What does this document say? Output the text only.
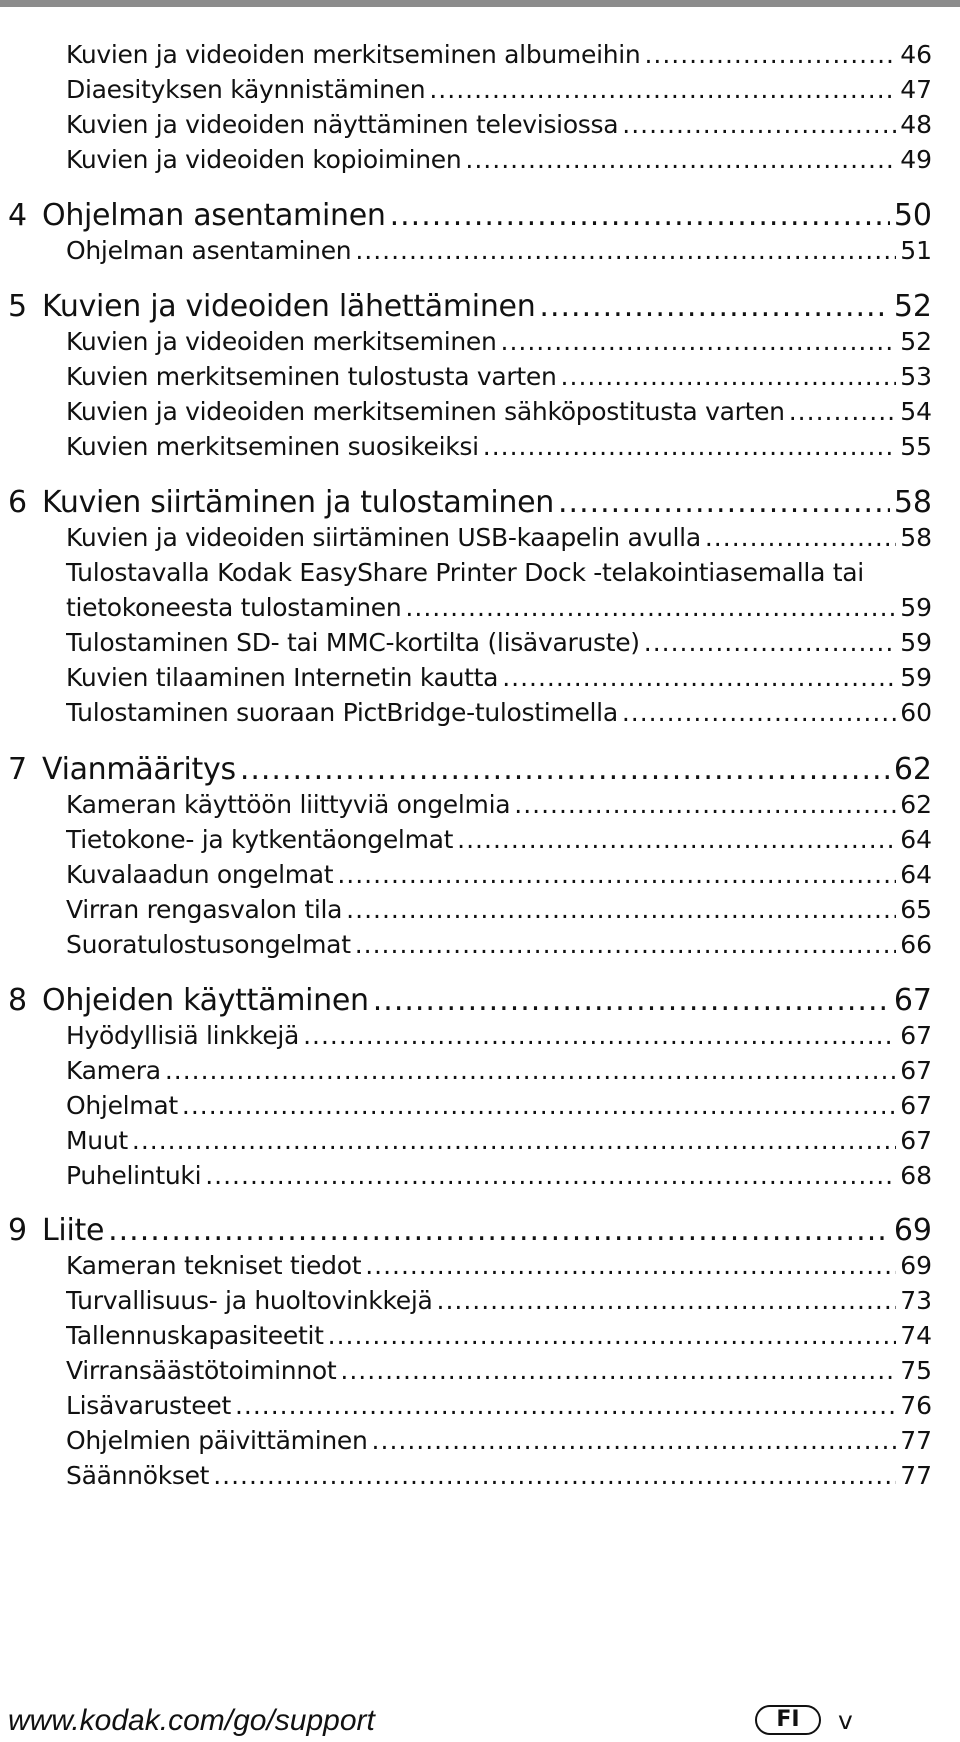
Kuvien ja videoiden merkitseminen albumeihin .....	46
Diaesityksen käynnistäminen .....	47
Kuvien ja videoiden näyttäminen televisiossa .....	48
Kuvien ja videoiden kopioiminen .....	49
4 Ohjelman asentaminen .....	50
Ohjelman asentaminen .....	51
5 Kuvien ja videoiden lähettäminen .....	52
Kuvien ja videoiden merkitseminen .....	52
Kuvien merkitseminen tulostusta varten .....	53
Kuvien ja videoiden merkitseminen sähköpostitusta varten .....	54
Kuvien merkitseminen suosikeiksi .....	55
6 Kuvien siirtäminen ja tulostaminen .....	58
Kuvien ja videoiden siirtäminen USB-kaapelin avulla .....	58
Tulostavalla Kodak EasyShare Printer Dock -telakointiasemalla tai
tietokoneesta tulostaminen .....	59
Tulostaminen SD- tai MMC-kortilta (lisävaruste) .....	59
Kuvien tilaaminen Internetin kautta .....	59
Tulostaminen suoraan PictBridge-tulostimella .....	60
7 Vianmääritys .....	62
Kameran käyttöön liittyviä ongelmia .....	62
Tietokone- ja kytkentäongelmat .....	64
Kuvalaadun ongelmat .....	64
Virran rengasvalon tila .....	65
Suoratulostusongelmat .....	66
8 Ohjeiden käyttäminen .....	67
Hyödyllisiä linkkejä .....	67
Kamera .....	67
Ohjelmat .....	67
Muut .....	67
Puhelintuki .....	68
9 Liite .....	69
Kameran tekniset tiedot .....	69
Turvallisuus- ja huoltovinkkejä .....	73
Tallennuskapasiteetit .....	74
Virransäästötoiminnot .....	75
Lisävarusteet .....	76
Ohjelmien päivittäminen .....	77
Säännökset .....	77
www.kodak.com/go/support	FI	v
